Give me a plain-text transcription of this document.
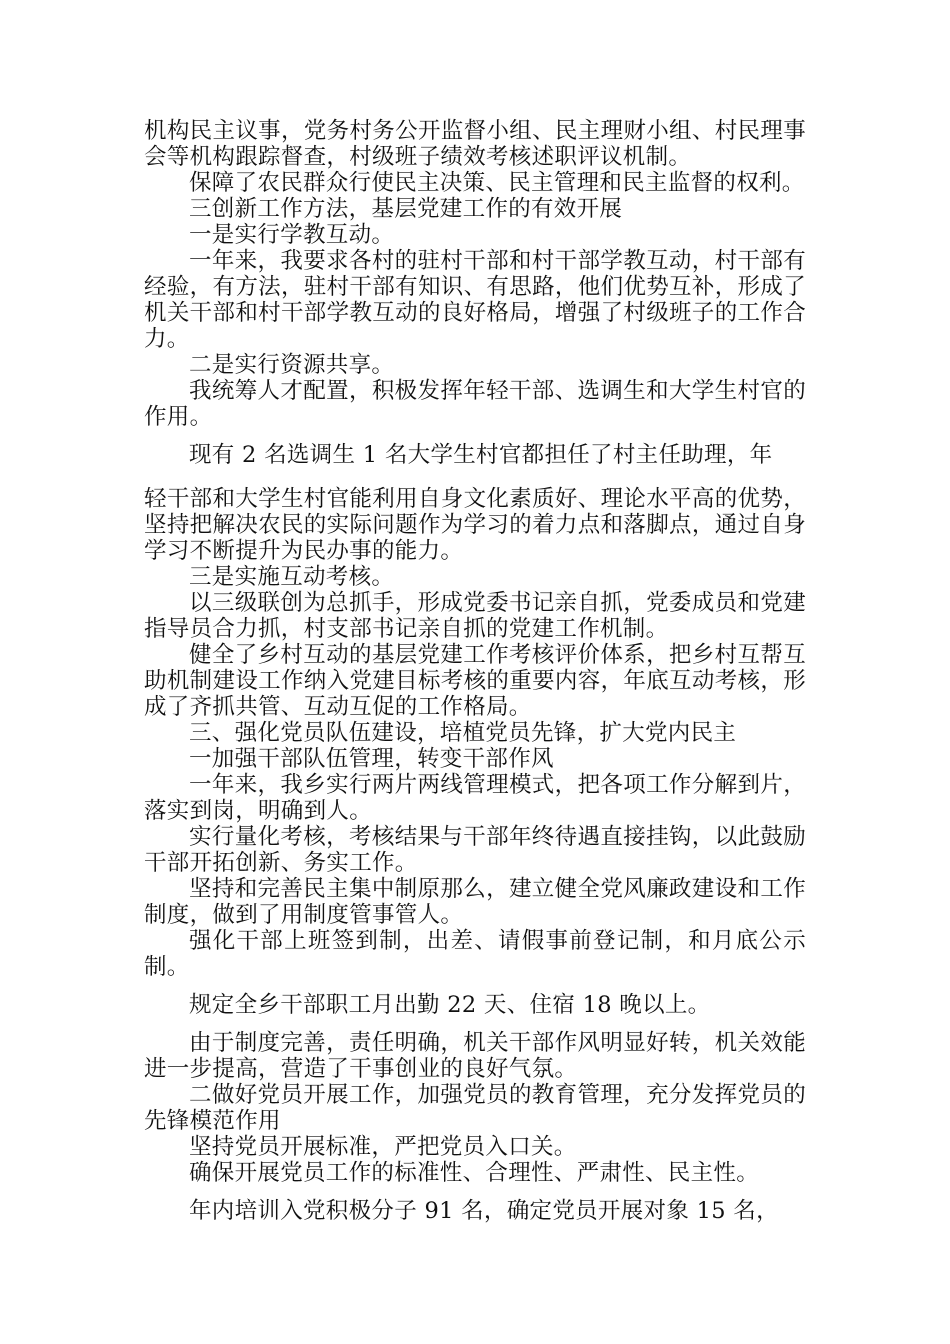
机构民主议事，党务村务公开监督小组、民主理财小组、村民理事会等机构跟踪督查，村级班子绩效考核述职评议机制。

保障了农民群众行使民主决策、民主管理和民主监督的权利。

三创新工作方法，基层党建工作的有效开展

一是实行学教互动。

一年来，我要求各村的驻村干部和村干部学教互动，村干部有经验，有方法，驻村干部有知识、有思路，他们优势互补，形成了机关干部和村干部学教互动的良好格局，增强了村级班子的工作合力。

二是实行资源共享。

我统筹人才配置，积极发挥年轻干部、选调生和大学生村官的作用。

现有 2 名选调生 1 名大学生村官都担任了村主任助理，年

轻干部和大学生村官能利用自身文化素质好、理论水平高的优势，坚持把解决农民的实际问题作为学习的着力点和落脚点，通过自身学习不断提升为民办事的能力。

三是实施互动考核。

以三级联创为总抓手，形成党委书记亲自抓，党委成员和党建指导员合力抓，村支部书记亲自抓的党建工作机制。

健全了乡村互动的基层党建工作考核评价体系，把乡村互帮互助机制建设工作纳入党建目标考核的重要内容，年底互动考核，形成了齐抓共管、互动互促的工作格局。

三、强化党员队伍建设，培植党员先锋，扩大党内民主

一加强干部队伍管理，转变干部作风

一年来，我乡实行两片两线管理模式，把各项工作分解到片，落实到岗，明确到人。

实行量化考核，考核结果与干部年终待遇直接挂钩，以此鼓励干部开拓创新、务实工作。

坚持和完善民主集中制原那么，建立健全党风廉政建设和工作制度，做到了用制度管事管人。

强化干部上班签到制，出差、请假事前登记制，和月底公示制。

规定全乡干部职工月出勤 22 天、住宿 18 晚以上。

由于制度完善，责任明确，机关干部作风明显好转，机关效能进一步提高，营造了干事创业的良好气氛。

二做好党员开展工作，加强党员的教育管理，充分发挥党员的先锋模范作用

坚持党员开展标准，严把党员入口关。

确保开展党员工作的标准性、合理性、严肃性、民主性。

年内培训入党积极分子 91 名，确定党员开展对象 15 名，
